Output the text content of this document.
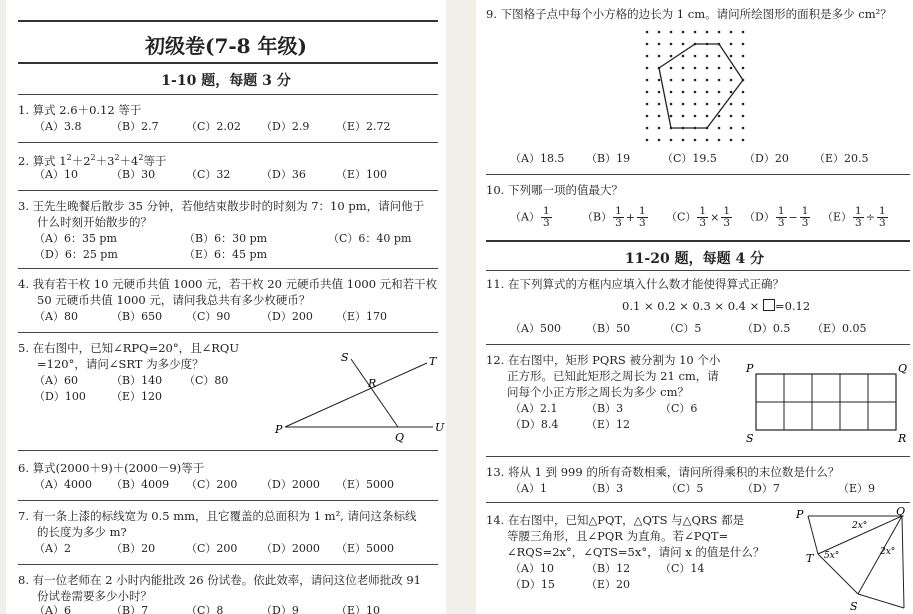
初级卷(7-8 年级)
1-10 题，每题 3 分
1. 算式 2.6＋0.12 等于
（A）3.8	（B）2.7 （C）2.02 （D）2.9 （E）2.72
2. 算式 $1^2+2^2+3^2+4^2$等于
（A）10	（B）30	（C）32	（D）36	（E）100
3. 王先生晚餐后散步 35 分钟，若他结束散步时的时刻为 7：10 pm，请问他于
什么时刻开始散步的？
（A）6：35 pm	（B）6：30 pm	（C）6：40 pm
（D）6：25 pm	（E）6：45 pm
4. 我有若干枚 10 元硬币共值 1000 元，若干枚 20 元硬币共值 1000 元和若干枚
50 元硬币共值 1000 元，请问我总共有多少枚硬币？
（A）80	（B）650 （C）90	（D）200 （E）170
5. 在右图中，已知∠RPQ=20°，且∠RQU
=120°，请问∠SRT 为多少度？
（A）60	（B）140 （C）80
（D）100 （E）120
S	T
R
P
Q
U
6. 算式(2000＋9)＋(2000－9)等于
（A）4000 （B）4009 （C）200 （D）2000 （E）5000
7. 有一条上漆的标线宽为 0.5 mm，且它覆盖的总面积为 1 m², 请问这条标线
的长度为多少 m?
（A）2	（B）20	（C）200 （D）2000 （E）5000
8. 有一位老师在 2 小时内能批改 26 份试卷。依此效率，请问这位老师批改 91
份试卷需要多少小时？
（A）6	（B）7	（C）8	（D）9	（E）10
9. 下图格子点中每个小方格的边长为 1 cm。请问所绘图形的面积是多少 cm²？
（A）18.5 （B）19	（C）19.5 （D）20 （E）20.5
10. 下列哪一项的值最大？
$(A) \frac{1}{3}$	$(B) \frac{1}{3} + \frac{1}{3} (C) \frac{1}{3} \times \frac{1}{3} (D) \frac{1}{3} - \frac{1}{3} (E) \frac{1}{3} \div \frac{1}{3}$
11-20 题，每题 4 分
11. 在下列算式的方框内应填入什么数才能使得算式正确？
0.1 × 0.2 × 0.3 × 0.4 × =0.12
（A）500 （B）50	（C）5	（D）0.5 （E）0.05
12. 在右图中，矩形 PQRS 被分割为 10 个小
正方形。已知此矩形之周长为 21 cm，请
问每个小正方形之周长为多少 cm？
（A）2.1	（B）3	（C）6
（D）8.4	（E）12
P	Q
S	R
13. 将从 1 到 999 的所有奇数相乘，请问所得乘积的末位数是什么？
（A）1	（B）3	（C）5	（D）7	（E）9
14. 在右图中，已知△PQT，△QTS 与△QRS 都是
等腰三角形，且∠PQR 为直角。若∠PQT=
∠RQS=2x°，∠QTS=5x°，请问 x 的值是什么？
（A）10	（B）12	（C）14
（D）15	（E）20
P	Q
T
S
2x°
5x°	2x°
